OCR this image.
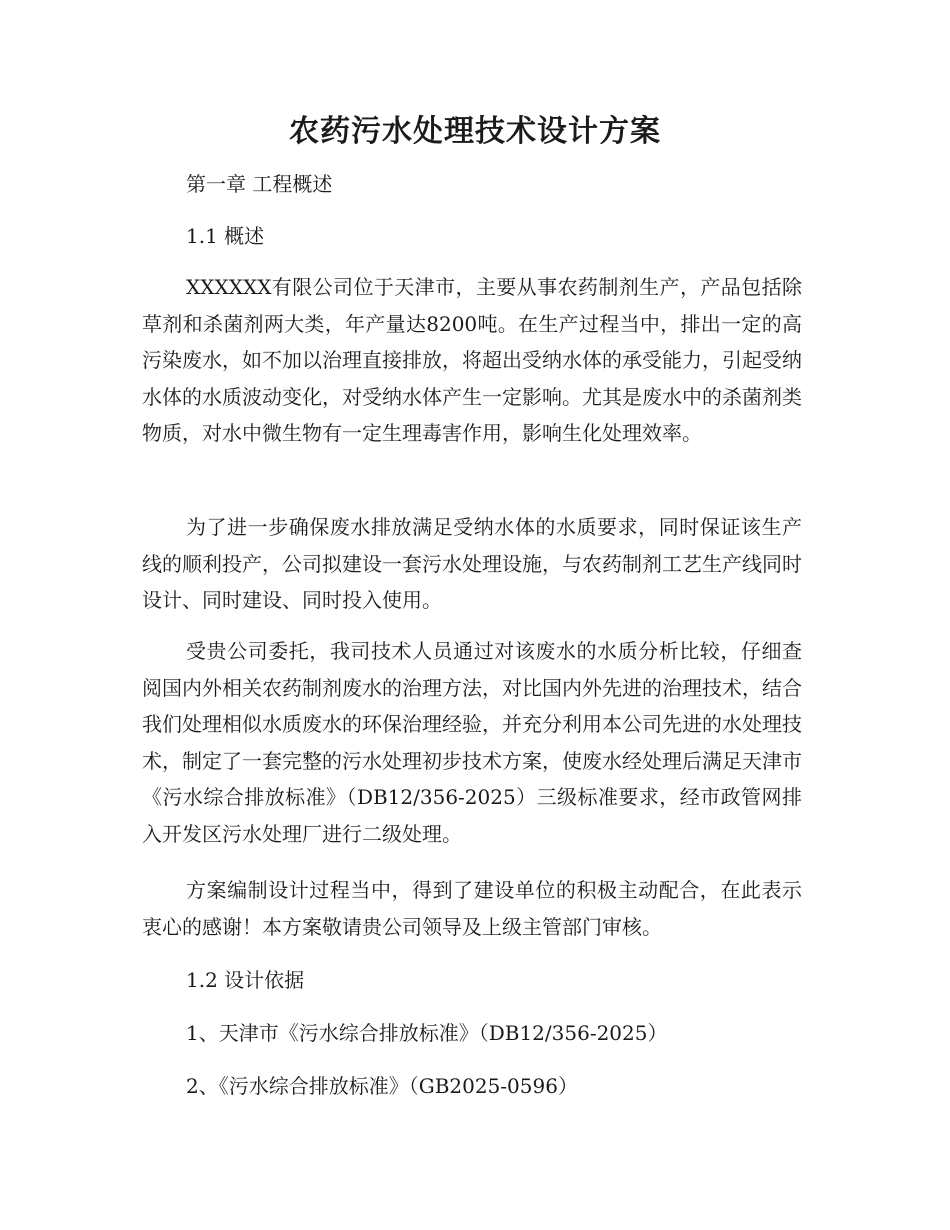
农药污水处理技术设计方案

第一章 工程概述

1.1 概述

XXXXXX有限公司位于天津市，主要从事农药制剂生产，产品包括除草剂和杀菌剂两大类，年产量达8200吨。在生产过程当中，排出一定的高污染废水，如不加以治理直接排放，将超出受纳水体的承受能力，引起受纳水体的水质波动变化，对受纳水体产生一定影响。尤其是废水中的杀菌剂类物质，对水中微生物有一定生理毒害作用，影响生化处理效率。

为了进一步确保废水排放满足受纳水体的水质要求，同时保证该生产线的顺利投产，公司拟建设一套污水处理设施，与农药制剂工艺生产线同时设计、同时建设、同时投入使用。

受贵公司委托，我司技术人员通过对该废水的水质分析比较，仔细查阅国内外相关农药制剂废水的治理方法，对比国内外先进的治理技术，结合我们处理相似水质废水的环保治理经验，并充分利用本公司先进的水处理技术，制定了一套完整的污水处理初步技术方案，使废水经处理后满足天津市《污水综合排放标准》（DB12/356-2025）三级标准要求，经市政管网排入开发区污水处理厂进行二级处理。

方案编制设计过程当中，得到了建设单位的积极主动配合，在此表示衷心的感谢！本方案敬请贵公司领导及上级主管部门审核。

1.2 设计依据

1、天津市《污水综合排放标准》（DB12/356-2025）

2、《污水综合排放标准》（GB2025-0596）
